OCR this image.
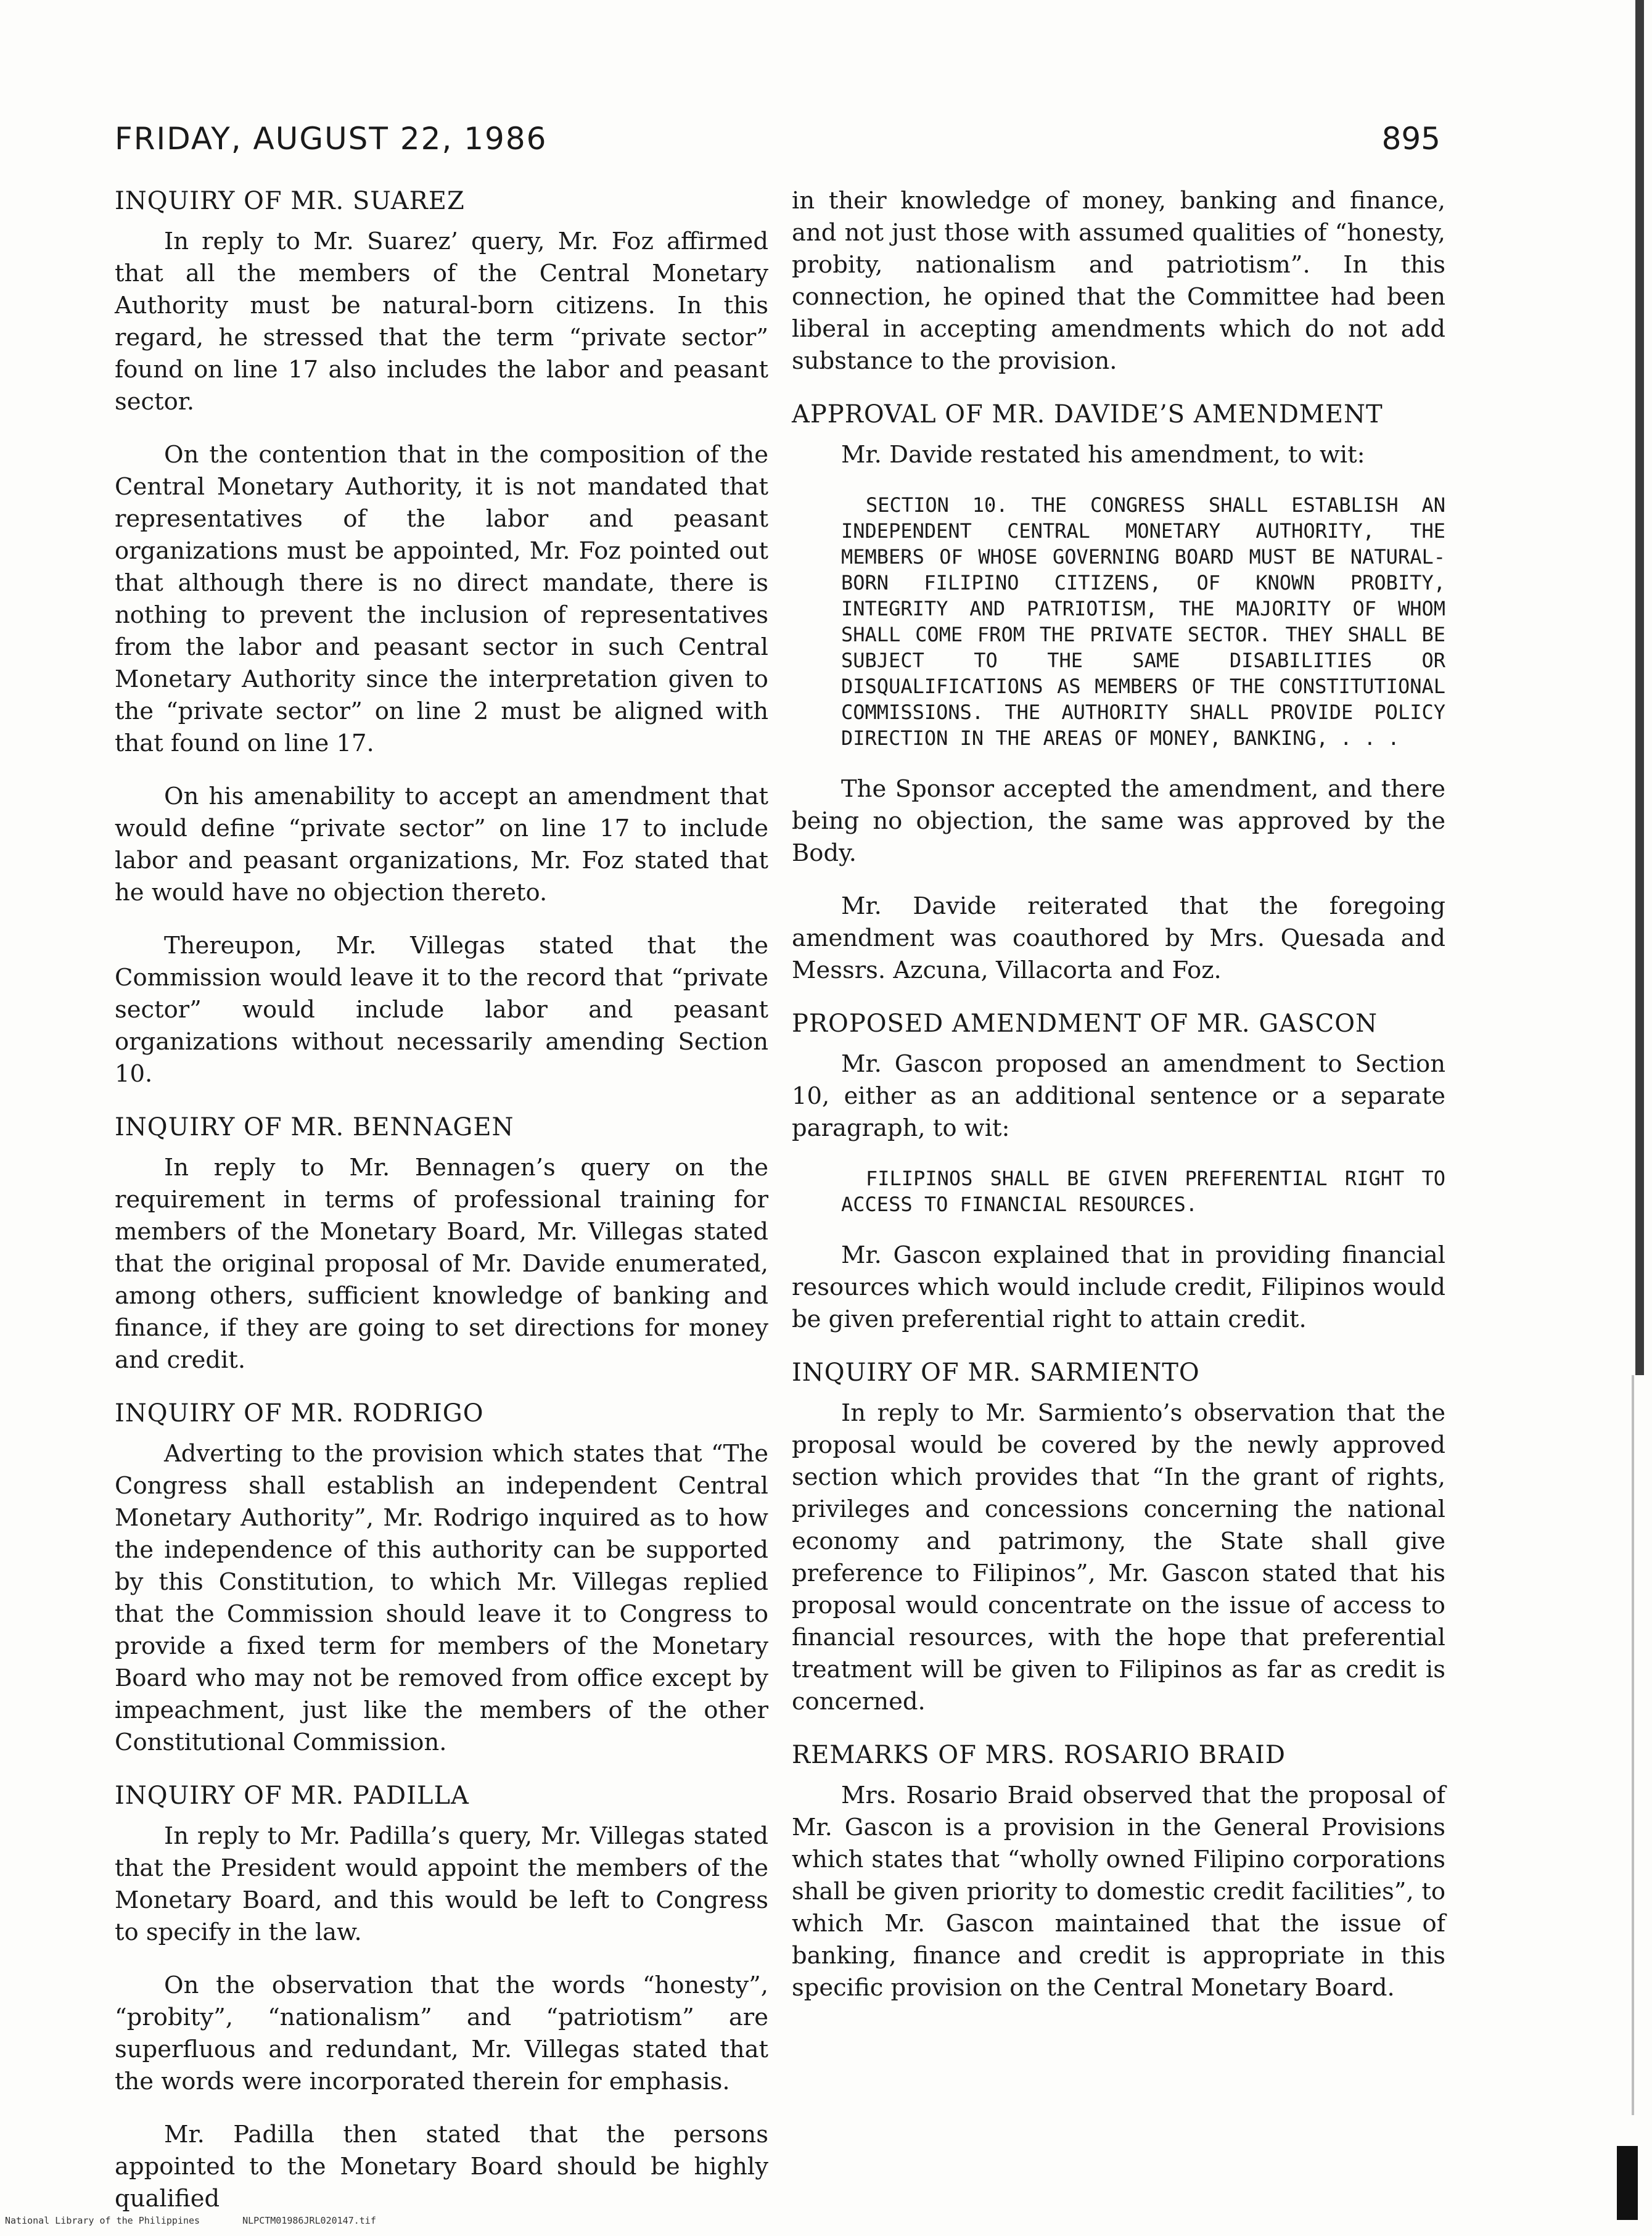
FRIDAY, AUGUST 22, 1986	895
INQUIRY OF MR. SUAREZ

In reply to Mr. Suarez’ query, Mr. Foz affirmed that all the members of the Central Monetary Authority must be natural-born citizens. In this regard, he stressed that the term “private sector” found on line 17 also includes the labor and peasant sector.

On the contention that in the composition of the Central Monetary Authority, it is not mandated that representatives of the labor and peasant organizations must be appointed, Mr. Foz pointed out that although there is no direct mandate, there is nothing to prevent the inclusion of representatives from the labor and peasant sector in such Central Monetary Authority since the interpretation given to the “private sector” on line 2 must be aligned with that found on line 17.

On his amenability to accept an amendment that would define “private sector” on line 17 to include labor and peasant organizations, Mr. Foz stated that he would have no objection thereto.

Thereupon, Mr. Villegas stated that the Commission would leave it to the record that “private sector” would include labor and peasant organizations without necessarily amending Section 10.

INQUIRY OF MR. BENNAGEN

In reply to Mr. Bennagen’s query on the requirement in terms of professional training for members of the Monetary Board, Mr. Villegas stated that the original proposal of Mr. Davide enumerated, among others, sufficient knowledge of banking and finance, if they are going to set directions for money and credit.

INQUIRY OF MR. RODRIGO

Adverting to the provision which states that “The Congress shall establish an independent Central Monetary Authority”, Mr. Rodrigo inquired as to how the independence of this authority can be supported by this Constitution, to which Mr. Villegas replied that the Commission should leave it to Congress to provide a fixed term for members of the Monetary Board who may not be removed from office except by impeachment, just like the members of the other Constitutional Commission.

INQUIRY OF MR. PADILLA

In reply to Mr. Padilla’s query, Mr. Villegas stated that the President would appoint the members of the Monetary Board, and this would be left to Congress to specify in the law.

On the observation that the words “honesty”, “probity”, “nationalism” and “patriotism” are superfluous and redundant, Mr. Villegas stated that the words were incorporated therein for emphasis.

Mr. Padilla then stated that the persons appointed to the Monetary Board should be highly qualified

in their knowledge of money, banking and finance, and not just those with assumed qualities of “honesty, probity, nationalism and patriotism”. In this connection, he opined that the Committee had been liberal in accepting amendments which do not add substance to the provision.

APPROVAL OF MR. DAVIDE’S AMENDMENT

Mr. Davide restated his amendment, to wit:

SECTION 10. THE CONGRESS SHALL ESTABLISH AN INDEPENDENT CENTRAL MONETARY AUTHORITY, THE MEMBERS OF WHOSE GOVERNING BOARD MUST BE NATURAL-BORN FILIPINO CITIZENS, OF KNOWN PROBITY, INTEGRITY AND PATRIOTISM, THE MAJORITY OF WHOM SHALL COME FROM THE PRIVATE SECTOR. THEY SHALL BE SUBJECT TO THE SAME DISABILITIES OR DISQUALIFICATIONS AS MEMBERS OF THE CONSTITUTIONAL COMMISSIONS. THE AUTHORITY SHALL PROVIDE POLICY DIRECTION IN THE AREAS OF MONEY, BANKING, . . .

The Sponsor accepted the amendment, and there being no objection, the same was approved by the Body.

Mr. Davide reiterated that the foregoing amendment was coauthored by Mrs. Quesada and Messrs. Azcuna, Villacorta and Foz.

PROPOSED AMENDMENT OF MR. GASCON

Mr. Gascon proposed an amendment to Section 10, either as an additional sentence or a separate paragraph, to wit:

FILIPINOS SHALL BE GIVEN PREFERENTIAL RIGHT TO ACCESS TO FINANCIAL RESOURCES.

Mr. Gascon explained that in providing financial resources which would include credit, Filipinos would be given preferential right to attain credit.

INQUIRY OF MR. SARMIENTO

In reply to Mr. Sarmiento’s observation that the proposal would be covered by the newly approved section which provides that “In the grant of rights, privileges and concessions concerning the national economy and patrimony, the State shall give preference to Filipinos”, Mr. Gascon stated that his proposal would concentrate on the issue of access to financial resources, with the hope that preferential treatment will be given to Filipinos as far as credit is concerned.

REMARKS OF MRS. ROSARIO BRAID

Mrs. Rosario Braid observed that the proposal of Mr. Gascon is a provision in the General Provisions which states that “wholly owned Filipino corporations shall be given priority to domestic credit facilities”, to which Mr. Gascon maintained that the issue of banking, finance and credit is appropriate in this specific provision on the Central Monetary Board.

National Library of the Philippines	NLPCTM01986JRL020147.tif
